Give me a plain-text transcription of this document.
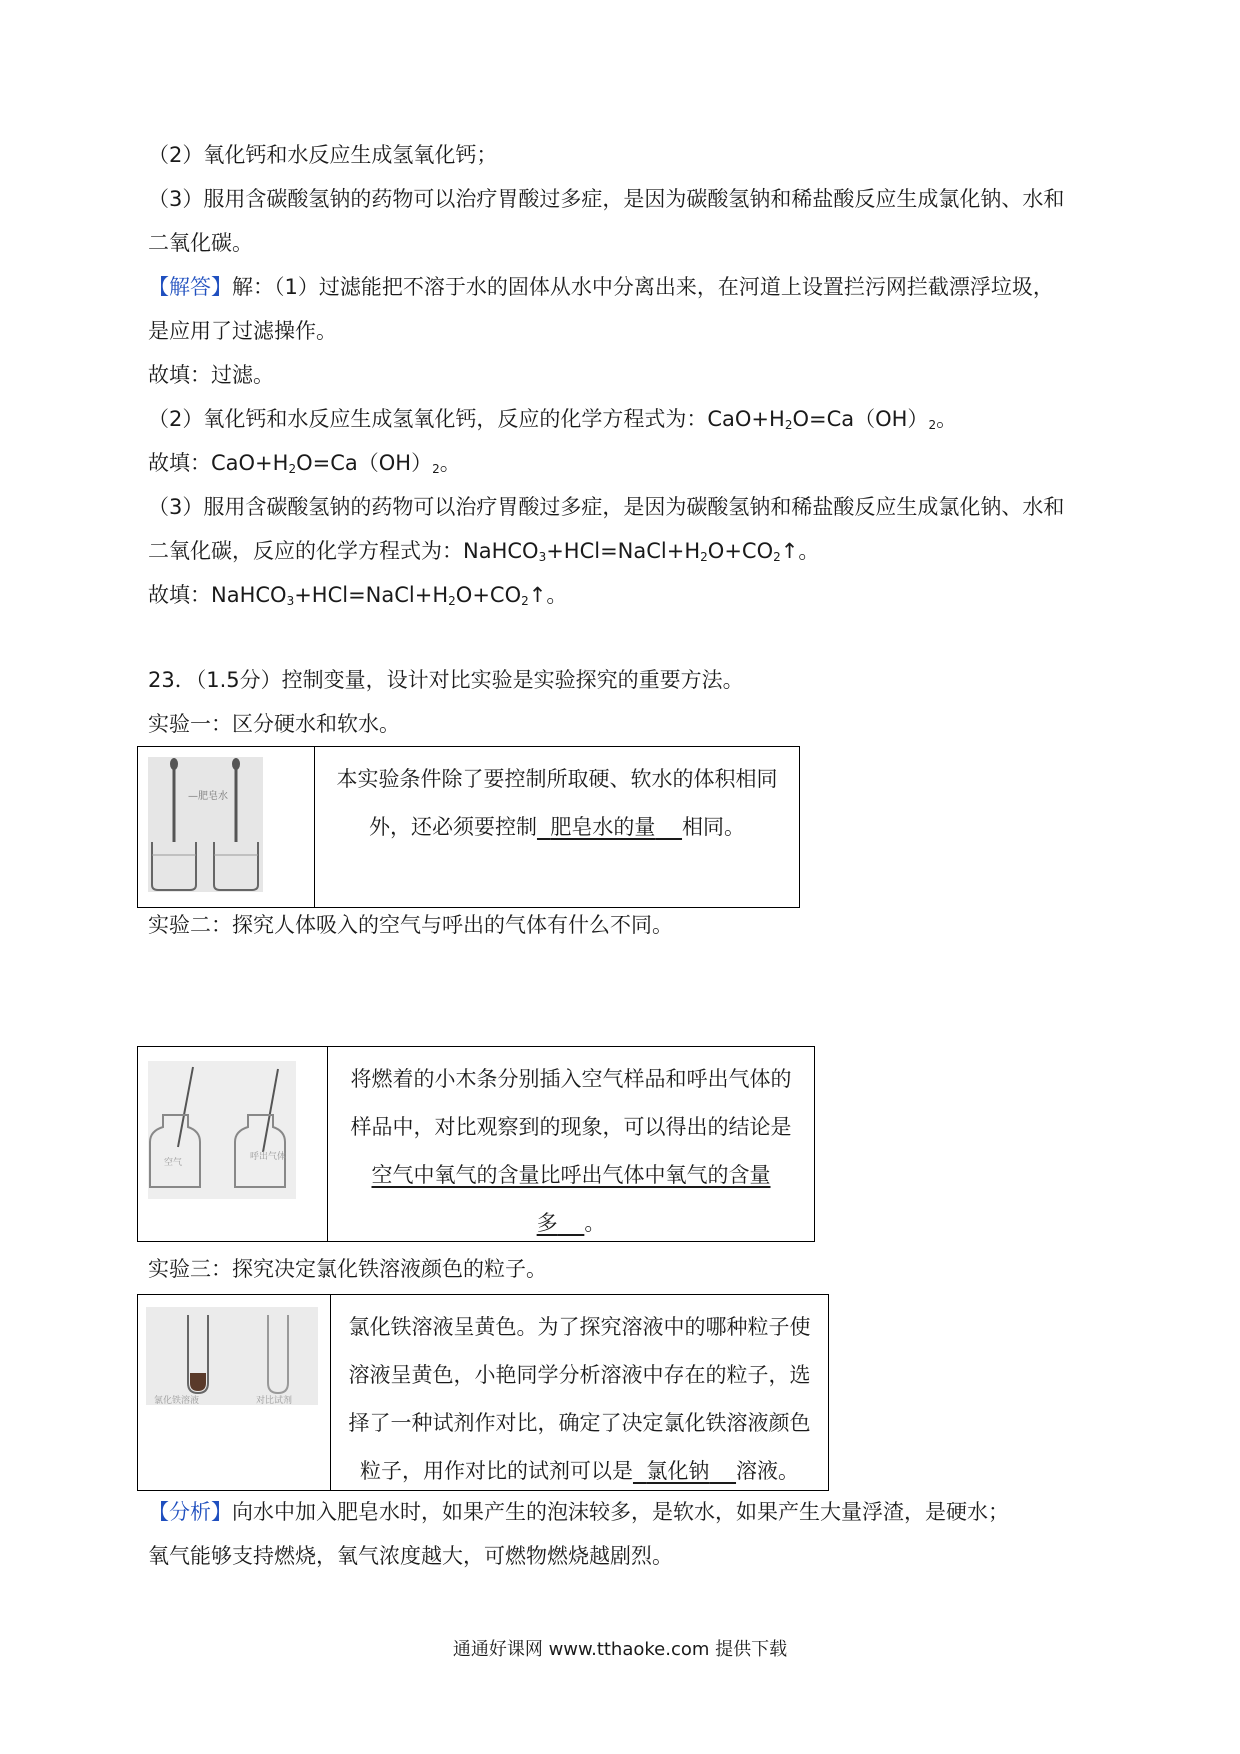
（2）氧化钙和水反应生成氢氧化钙；
（3）服用含碳酸氢钠的药物可以治疗胃酸过多症，是因为碳酸氢钠和稀盐酸反应生成氯化钠、水和
二氧化碳。
【解答】解：（1）过滤能把不溶于水的固体从水中分离出来，在河道上设置拦污网拦截漂浮垃圾，
是应用了过滤操作。
故填：过滤。
（2）氧化钙和水反应生成氢氧化钙，反应的化学方程式为：$CaO+H_2O=Ca(OH)_2$。
故填：$CaO+H_2O=Ca(OH)_2$。
（3）服用含碳酸氢钠的药物可以治疗胃酸过多症，是因为碳酸氢钠和稀盐酸反应生成氯化钠、水和
二氧化碳，反应的化学方程式为：$NaHCO_3+HCl=NaCl+H_2O+CO_2↑$。
故填：$NaHCO_3+HCl=NaCl+H_2O+CO_2↑$。
23．（1.5分）控制变量，设计对比实验是实验探究的重要方法。
实验一：区分硬水和软水。
—肥皂水
本实验条件除了要控制所取硬、软水的体积相同
外，还必须要控制 肥皂水的量 相同。
实验二：探究人体吸入的空气与呼出的气体有什么不同。
空气
呼出气体
将燃着的小木条分别插入空气样品和呼出气体的
样品中，对比观察到的现象，可以得出的结论是
空气中氧气的含量比呼出气体中氧气的含量
多 。
实验三：探究决定氯化铁溶液颜色的粒子。
氯化铁溶液	对比试剂
氯化铁溶液呈黄色。为了探究溶液中的哪种粒子使
溶液呈黄色，小艳同学分析溶液中存在的粒子，选
择了一种试剂作对比，确定了决定氯化铁溶液颜色
粒子，用作对比的试剂可以是 氯化钠 溶液。
【分析】向水中加入肥皂水时，如果产生的泡沫较多，是软水，如果产生大量浮渣，是硬水；
氧气能够支持燃烧，氧气浓度越大，可燃物燃烧越剧烈。
通通好课网 www.tthaoke.com 提供下载
